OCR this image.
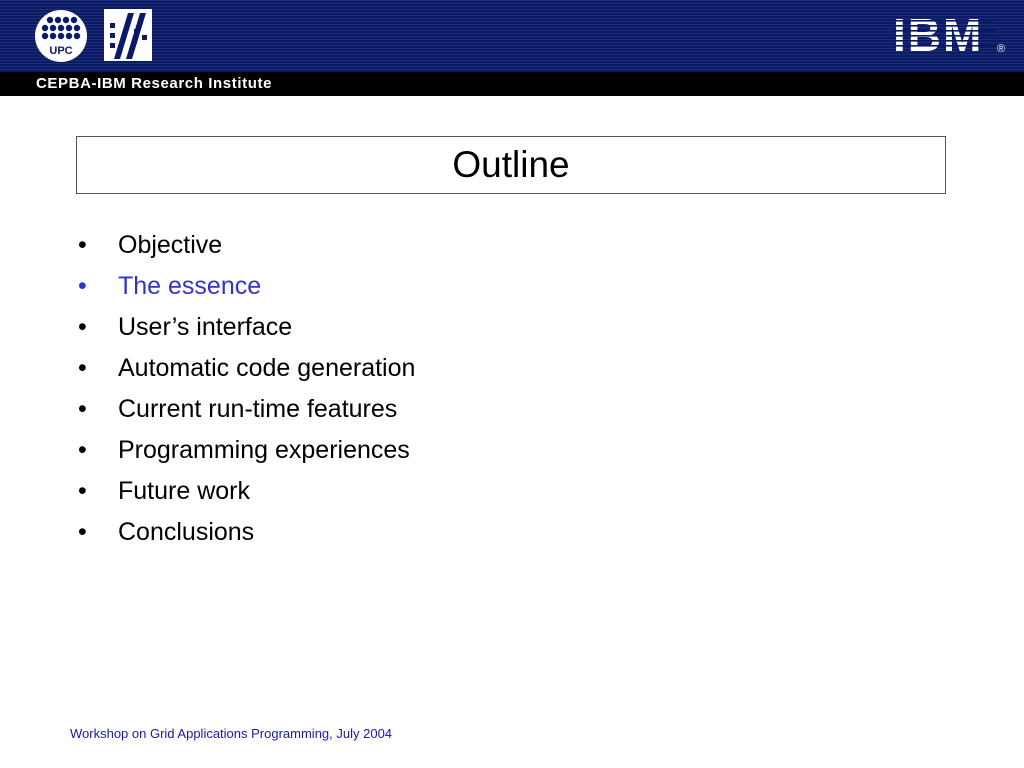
UPC	®
CEPBA-IBM Research Institute
Outline
•	Objective
•	The essence
•	User’s interface
•	Automatic code generation
•	Current run-time features
•	Programming experiences
•	Future work
•	Conclusions
Workshop on Grid Applications Programming, July 2004
